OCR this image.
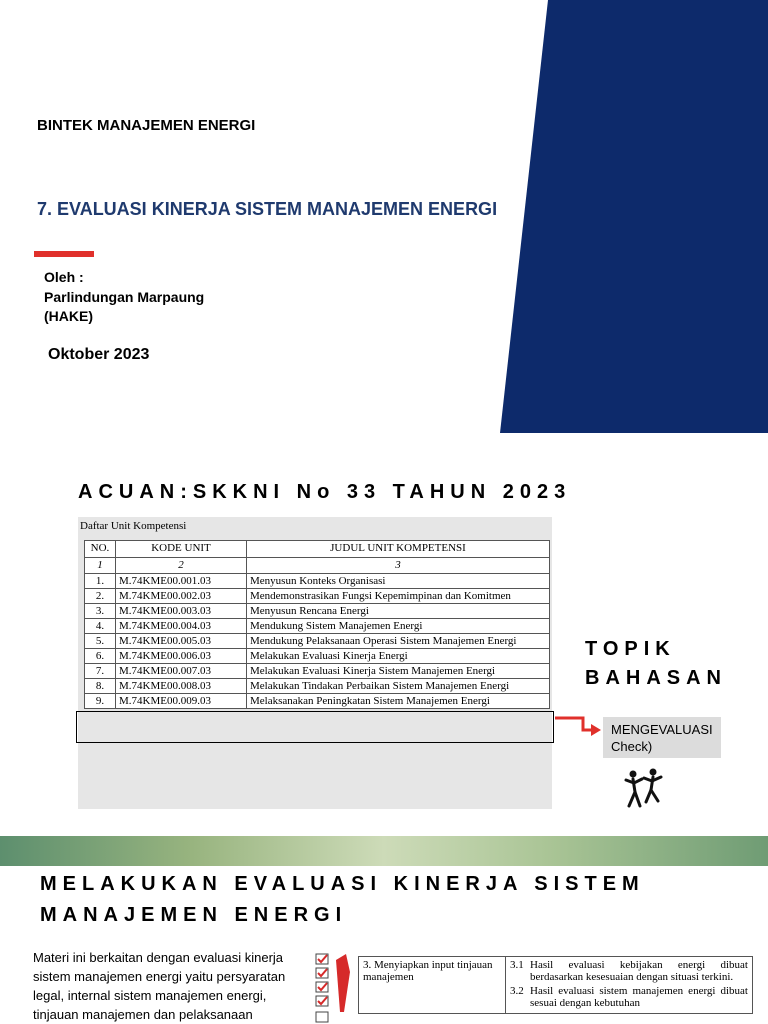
BINTEK MANAJEMEN ENERGI
7. EVALUASI KINERJA SISTEM MANAJEMEN ENERGI
Oleh :
Parlindungan Marpaung
(HAKE)
Oktober 2023
ACUAN:SKKNI No 33 TAHUN 2023
Daftar Unit Kompetensi
NO.	KODE UNIT	JUDUL UNIT KOMPETENSI
1	2	3
1.	M.74KME00.001.03	Menyusun Konteks Organisasi
2.	M.74KME00.002.03	Mendemonstrasikan Fungsi Kepemimpinan dan Komitmen
3.	M.74KME00.003.03	Menyusun Rencana Energi
4.	M.74KME00.004.03	Mendukung Sistem Manajemen Energi
5.	M.74KME00.005.03	Mendukung Pelaksanaan Operasi Sistem Manajemen Energi
6.	M.74KME00.006.03	Melakukan Evaluasi Kinerja Energi
7.	M.74KME00.007.03	Melakukan Evaluasi Kinerja Sistem Manajemen Energi
8.	M.74KME00.008.03	Melakukan Tindakan Perbaikan Sistem Manajemen Energi
9.	M.74KME00.009.03	Melaksanakan Peningkatan Sistem Manajemen Energi
TOPIK
BAHASAN
MENGEVALUASI
Check)
MELAKUKAN EVALUASI KINERJA SISTEM
MANAJEMEN ENERGI
Materi ini berkaitan dengan evaluasi kinerja sistem manajemen energi yaitu persyaratan legal, internal sistem manajemen energi, tinjauan manajemen dan pelaksanaan
3. Menyiapkan input tinjauan manajemen	
3.1 Hasil evaluasi kebijakan energi dibuat berdasarkan kesesuaian dengan situasi terkini.
3.2 Hasil evaluasi sistem manajemen energi dibuat sesuai dengan kebutuhan
